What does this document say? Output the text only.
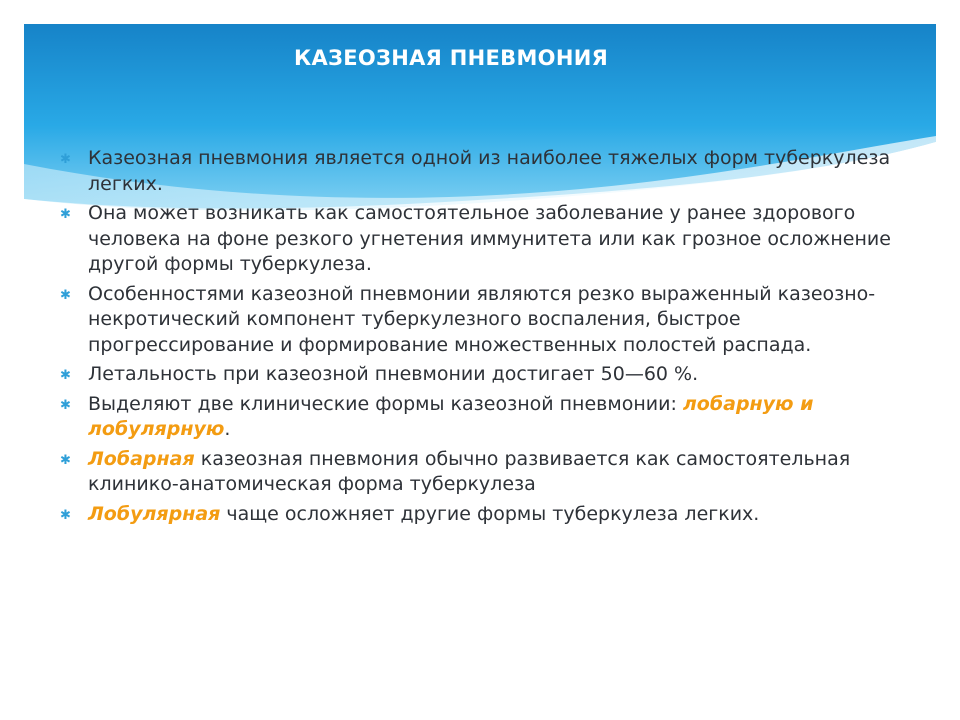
КАЗЕОЗНАЯ ПНЕВМОНИЯ
✱ Казеозная пневмония является одной из наиболее тяжелых форм туберкулеза легких.
✱ Она может возникать как самостоятельное заболевание у ранее здорового человека на фоне резкого угнетения иммунитета или как грозное осложнение другой формы туберкулеза.
✱ Особенностями казеозной пневмонии являются резко выраженный казеозно-некротический компонент туберкулезного воспаления, быстрое прогрессирование и формирование множественных полостей распада.
✱ Летальность при казеозной пневмонии достигает 50—60 %.
✱ Выделяют две клинические формы казеозной пневмонии: лобарную и лобулярную.
✱ Лобарная казеозная пневмония обычно развивается как самостоятельная клинико-анатомическая форма туберкулеза
✱ Лобулярная чаще осложняет другие формы туберкулеза легких.
